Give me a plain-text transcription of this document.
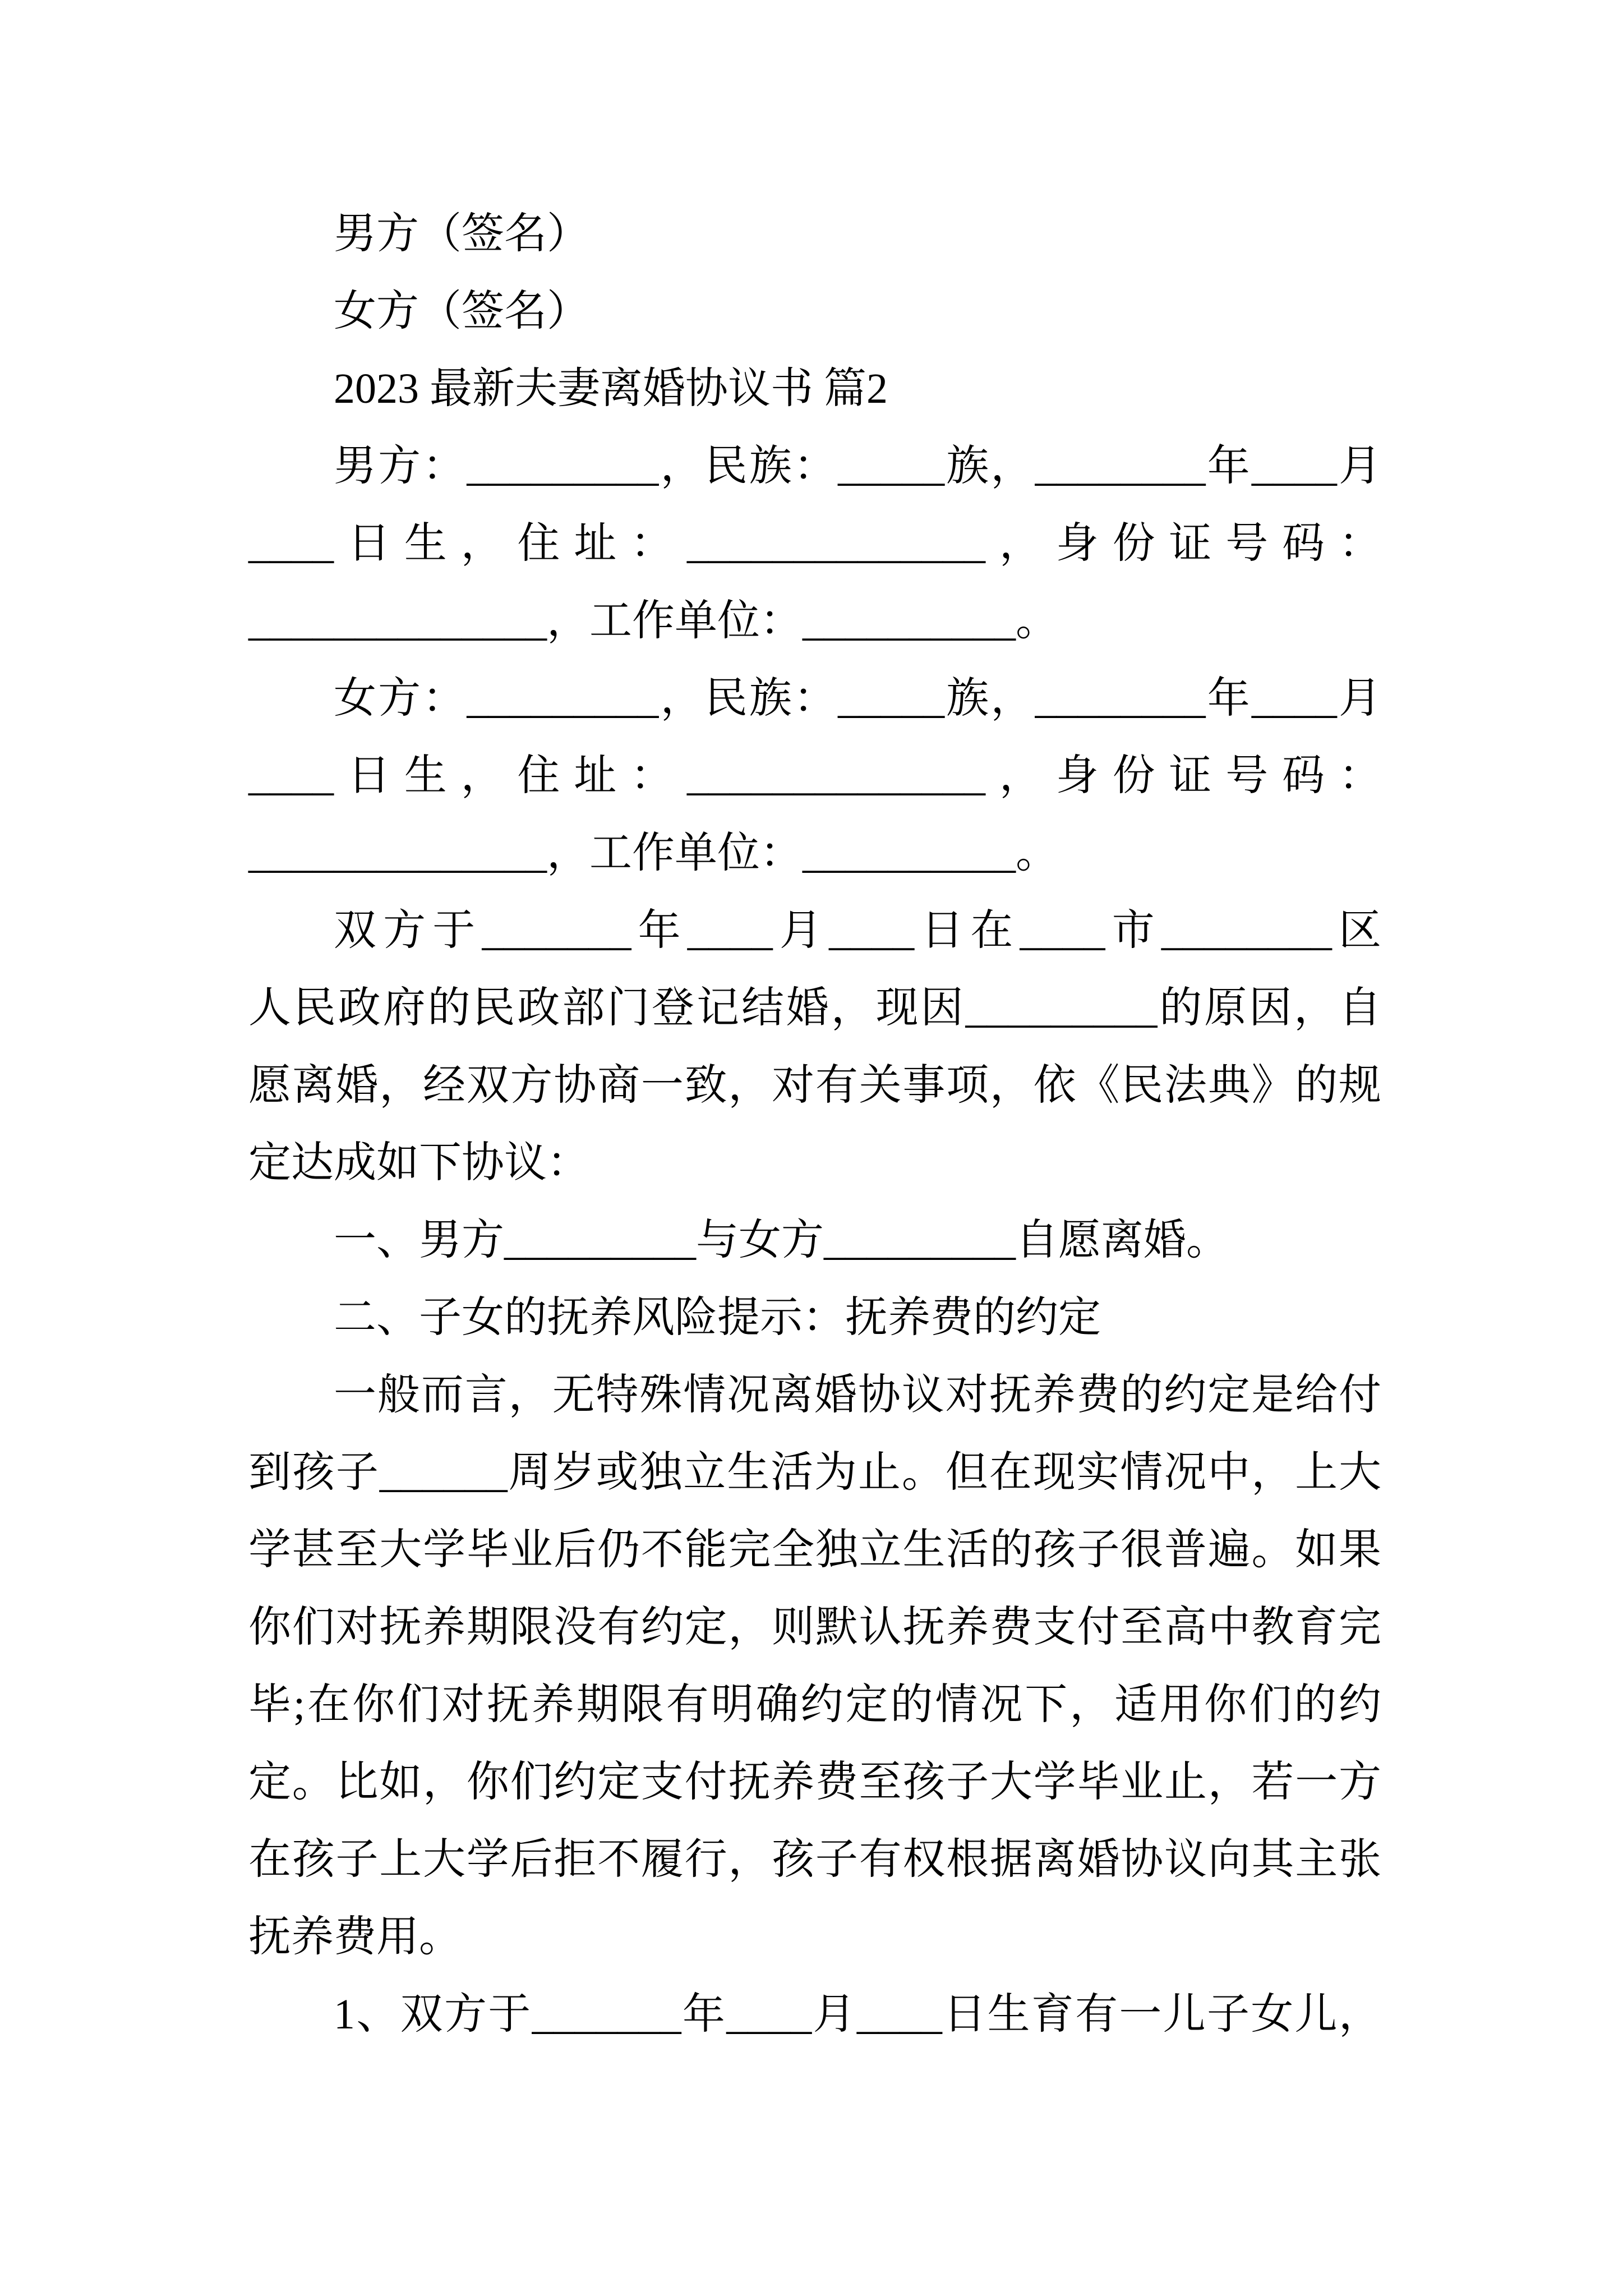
男方（签名）
女方（签名）
2023 最新夫妻离婚协议书 篇2
男方：_________，民族：_____族，________年____月
____日生，住址：______________，身份证号码：
______________，工作单位：__________。
女方：_________，民族：_____族，________年____月
____日生，住址：______________，身份证号码：
______________，工作单位：__________。
双方于_______年____月____日在____市________区
人民政府的民政部门登记结婚，现因_________的原因，自
愿离婚，经双方协商一致，对有关事项，依《民法典》的规
定达成如下协议：
一、男方_________与女方_________自愿离婚。
二、子女的抚养风险提示：抚养费的约定
一般而言，无特殊情况离婚协议对抚养费的约定是给付
到孩子______周岁或独立生活为止。但在现实情况中，上大
学甚至大学毕业后仍不能完全独立生活的孩子很普遍。如果
你们对抚养期限没有约定，则默认抚养费支付至高中教育完
毕;在你们对抚养期限有明确约定的情况下，适用你们的约
定。比如，你们约定支付抚养费至孩子大学毕业止，若一方
在孩子上大学后拒不履行，孩子有权根据离婚协议向其主张
抚养费用。
1、双方于_______年____月____日生育有一儿子女儿，
